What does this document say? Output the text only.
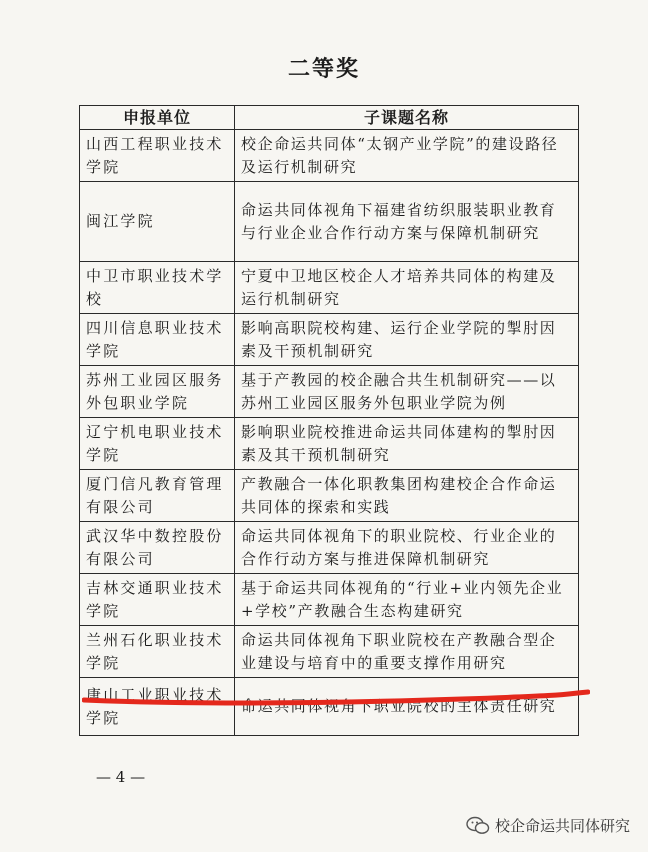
二等奖
申报单位	子课题名称
山西工程职业技术学院	校企命运共同体“太钢产业学院”的建设路径及运行机制研究
闽江学院	命运共同体视角下福建省纺织服装职业教育与行业企业合作行动方案与保障机制研究
中卫市职业技术学校	宁夏中卫地区校企人才培养共同体的构建及运行机制研究
四川信息职业技术学院	影响高职院校构建、运行企业学院的掣肘因素及干预机制研究
苏州工业园区服务外包职业学院	基于产教园的校企融合共生机制研究——以苏州工业园区服务外包职业学院为例
辽宁机电职业技术学院	影响职业院校推进命运共同体建构的掣肘因素及其干预机制研究
厦门信凡教育管理有限公司	产教融合一体化职教集团构建校企合作命运共同体的探索和实践
武汉华中数控股份有限公司	命运共同体视角下的职业院校、行业企业的合作行动方案与推进保障机制研究
吉林交通职业技术学院	基于命运共同体视角的“行业+业内领先企业+学校”产教融合生态构建研究
兰州石化职业技术学院	命运共同体视角下职业院校在产教融合型企业建设与培育中的重要支撑作用研究
唐山工业职业技术学院	命运共同体视角下职业院校的主体责任研究
— 4 —
校企命运共同体研究
